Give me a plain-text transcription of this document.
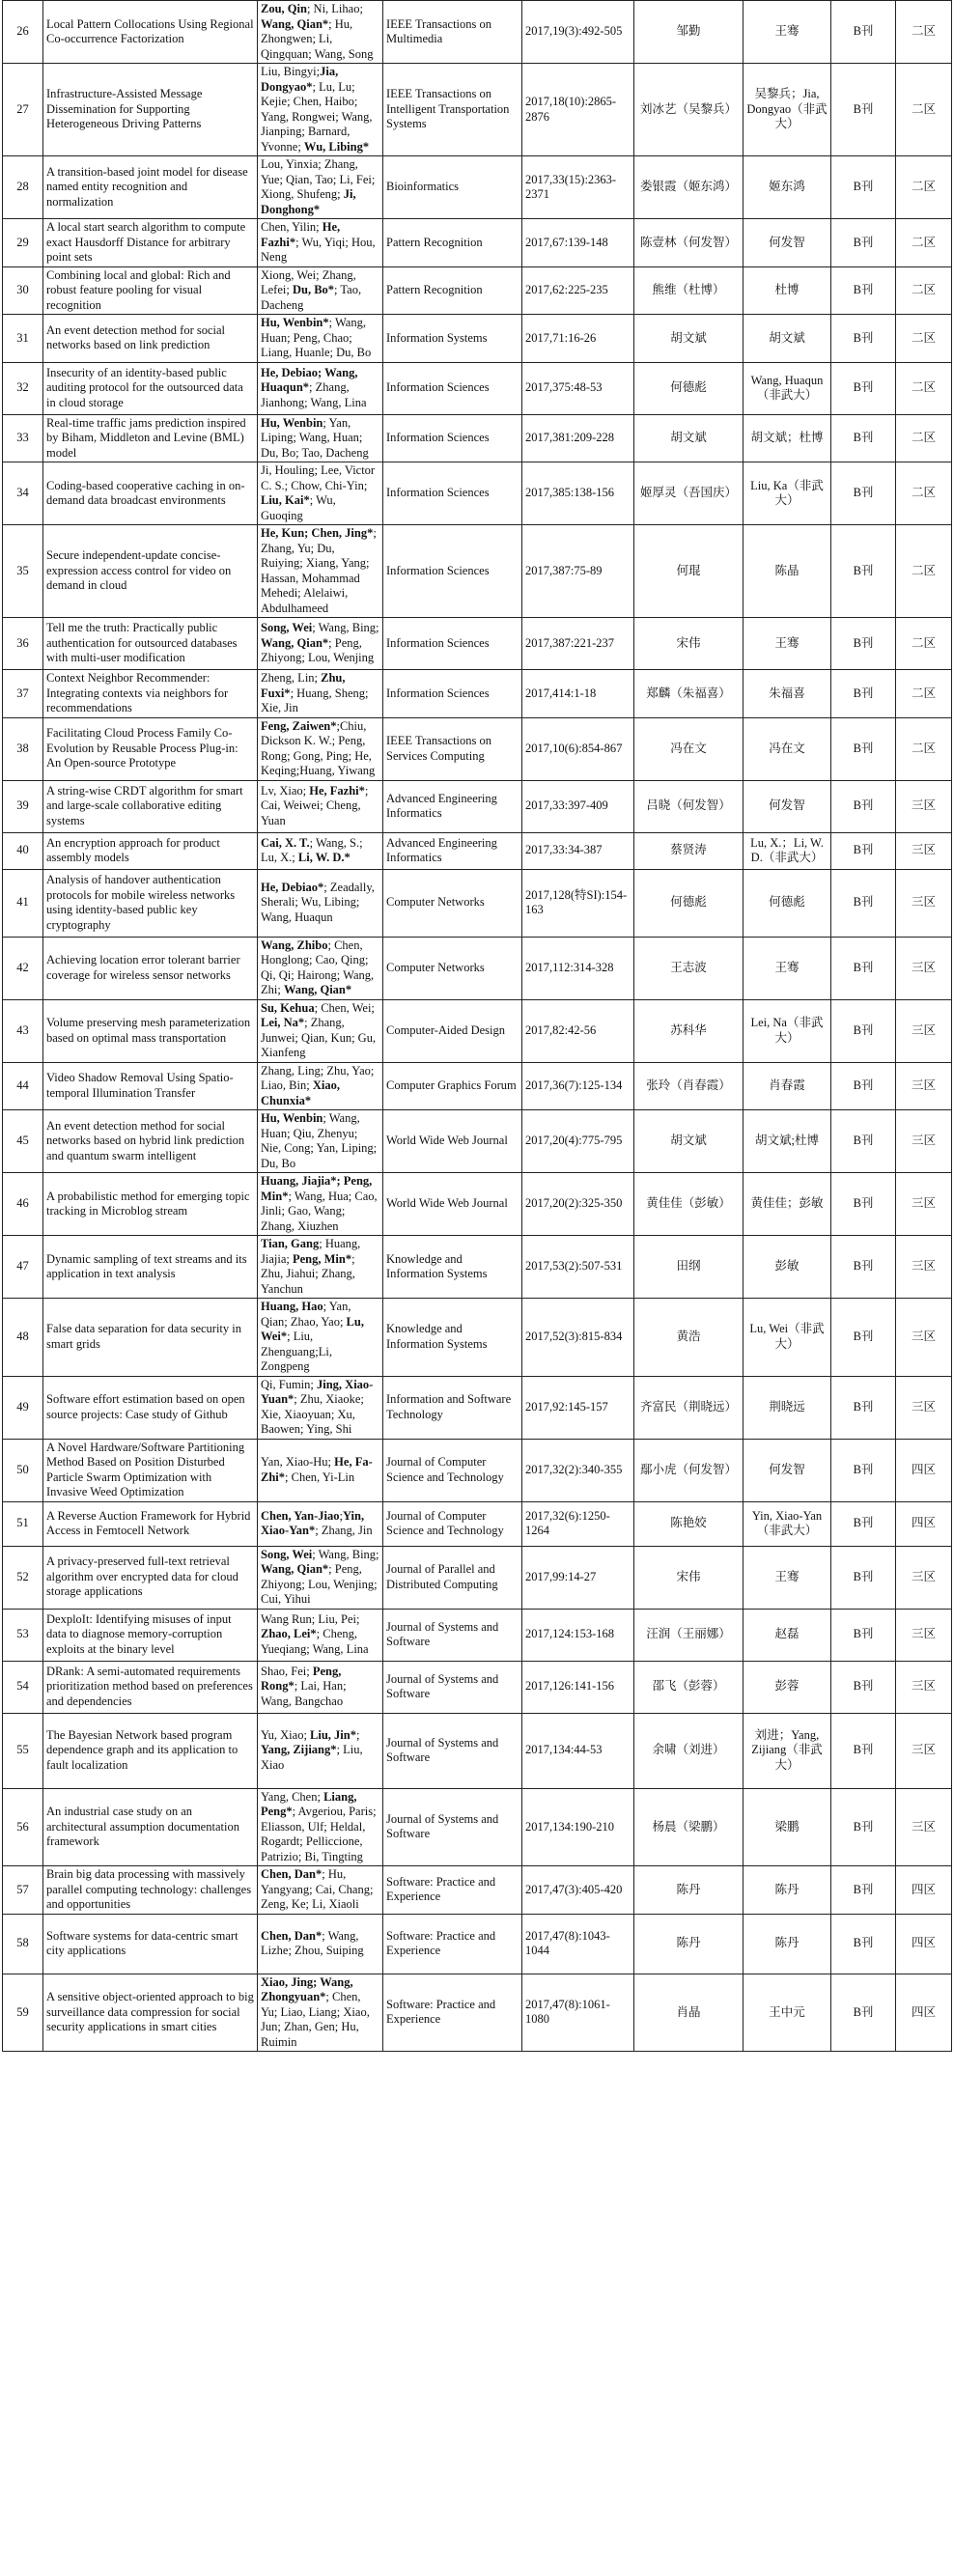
26	Local Pattern Collocations Using Regional Co-occurrence Factorization	Zou, Qin; Ni, Lihao; Wang, Qian*; Hu, Zhongwen; Li, Qingquan; Wang, Song	IEEE Transactions on Multimedia	2017,19(3):492-505	邹勤	王骞	B刊	二区
27	Infrastructure-Assisted Message Dissemination for Supporting Heterogeneous Driving Patterns	Liu, Bingyi;Jia, Dongyao*; Lu, Lu; Kejie; Chen, Haibo; Yang, Rongwei; Wang, Jianping; Barnard, Yvonne; Wu, Libing*	IEEE Transactions on Intelligent Transportation Systems	2017,18(10):2865-2876	刘冰艺（吴黎兵）	吴黎兵；Jia, Dongyao（非武大）	B刊	二区
28	A transition-based joint model for disease named entity recognition and normalization	Lou, Yinxia; Zhang, Yue; Qian, Tao; Li, Fei; Xiong, Shufeng; Ji, Donghong*	Bioinformatics	2017,33(15):2363-2371	娄银霞（姬东鸿）	姬东鸿	B刊	二区
29	A local start search algorithm to compute exact Hausdorff Distance for arbitrary point sets	Chen, Yilin; He, Fazhi*; Wu, Yiqi; Hou, Neng	Pattern Recognition	2017,67:139-148	陈壹林（何发智）	何发智	B刊	二区
30	Combining local and global: Rich and robust feature pooling for visual recognition	Xiong, Wei; Zhang, Lefei; Du, Bo*; Tao, Dacheng	Pattern Recognition	2017,62:225-235	熊维（杜博）	杜博	B刊	二区
31	An event detection method for social networks based on link prediction	Hu, Wenbin*; Wang, Huan; Peng, Chao; Liang, Huanle; Du, Bo	Information Systems	2017,71:16-26	胡文斌	胡文斌	B刊	二区
32	Insecurity of an identity-based public auditing protocol for the outsourced data in cloud storage	He, Debiao; Wang, Huaqun*; Zhang, Jianhong; Wang, Lina	Information Sciences	2017,375:48-53	何德彪	Wang, Huaqun（非武大）	B刊	二区
33	Real-time traffic jams prediction inspired by Biham, Middleton and Levine (BML) model	Hu, Wenbin; Yan, Liping; Wang, Huan; Du, Bo; Tao, Dacheng	Information Sciences	2017,381:209-228	胡文斌	胡文斌；杜博	B刊	二区
34	Coding-based cooperative caching in on-demand data broadcast environments	Ji, Houling; Lee, Victor C. S.; Chow, Chi-Yin; Liu, Kai*; Wu, Guoqing	Information Sciences	2017,385:138-156	姬厚灵（吾国庆）	Liu, Ka（非武大）	B刊	二区
35	Secure independent-update concise-expression access control for video on demand in cloud	He, Kun; Chen, Jing*; Zhang, Yu; Du, Ruiying; Xiang, Yang; Hassan, Mohammad Mehedi; Alelaiwi, Abdulhameed	Information Sciences	2017,387:75-89	何琨	陈晶	B刊	二区
36	Tell me the truth: Practically public authentication for outsourced databases with multi-user modification	Song, Wei; Wang, Bing; Wang, Qian*; Peng, Zhiyong; Lou, Wenjing	Information Sciences	2017,387:221-237	宋伟	王骞	B刊	二区
37	Context Neighbor Recommender: Integrating contexts via neighbors for recommendations	Zheng, Lin; Zhu, Fuxi*; Huang, Sheng; Xie, Jin	Information Sciences	2017,414:1-18	郑麟（朱福喜）	朱福喜	B刊	二区
38	Facilitating Cloud Process Family Co-Evolution by Reusable Process Plug-in: An Open-source Prototype	Feng, Zaiwen*;Chiu, Dickson K. W.; Peng, Rong; Gong, Ping; He, Keqing;Huang, Yiwang	IEEE Transactions on Services Computing	2017,10(6):854-867	冯在文	冯在文	B刊	二区
39	A string-wise CRDT algorithm for smart and large-scale collaborative editing systems	Lv, Xiao; He, Fazhi*; Cai, Weiwei; Cheng, Yuan	Advanced Engineering Informatics	2017,33:397-409	吕晓（何发智）	何发智	B刊	三区
40	An encryption approach for product assembly models	Cai, X. T.; Wang, S.; Lu, X.; Li, W. D.*	Advanced Engineering Informatics	2017,33:34-387	蔡贤涛	Lu, X.；Li, W. D.（非武大）	B刊	三区
41	Analysis of handover authentication protocols for mobile wireless networks using identity-based public key cryptography	He, Debiao*; Zeadally, Sherali; Wu, Libing; Wang, Huaqun	Computer Networks	2017,128(特SI):154-163	何德彪	何德彪	B刊	三区
42	Achieving location error tolerant barrier coverage for wireless sensor networks	Wang, Zhibo; Chen, Honglong; Cao, Qing; Qi, Qi; Hairong; Wang, Zhi; Wang, Qian*	Computer Networks	2017,112:314-328	王志波	王骞	B刊	三区
43	Volume preserving mesh parameterization based on optimal mass transportation	Su, Kehua; Chen, Wei; Lei, Na*; Zhang, Junwei; Qian, Kun; Gu, Xianfeng	Computer-Aided Design	2017,82:42-56	苏科华	Lei, Na（非武大）	B刊	三区
44	Video Shadow Removal Using Spatio-temporal Illumination Transfer	Zhang, Ling; Zhu, Yao; Liao, Bin; Xiao, Chunxia*	Computer Graphics Forum	2017,36(7):125-134	张玲（肖春霞）	肖春霞	B刊	三区
45	An event detection method for social networks based on hybrid link prediction and quantum swarm intelligent	Hu, Wenbin; Wang, Huan; Qiu, Zhenyu; Nie, Cong; Yan, Liping; Du, Bo	World Wide Web Journal	2017,20(4):775-795	胡文斌	胡文斌;杜博	B刊	三区
46	A probabilistic method for emerging topic tracking in Microblog stream	Huang, Jiajia*; Peng, Min*; Wang, Hua; Cao, Jinli; Gao, Wang; Zhang, Xiuzhen	World Wide Web Journal	2017,20(2):325-350	黄佳佳（彭敏）	黄佳佳；彭敏	B刊	三区
47	Dynamic sampling of text streams and its application in text analysis	Tian, Gang; Huang, Jiajia; Peng, Min*; Zhu, Jiahui; Zhang, Yanchun	Knowledge and Information Systems	2017,53(2):507-531	田纲	彭敏	B刊	三区
48	False data separation for data security in smart grids	Huang, Hao; Yan, Qian; Zhao, Yao; Lu, Wei*; Liu, Zhenguang;Li, Zongpeng	Knowledge and Information Systems	2017,52(3):815-834	黄浩	Lu, Wei（非武大）	B刊	三区
49	Software effort estimation based on open source projects: Case study of Github	Qi, Fumin; Jing, Xiao-Yuan*; Zhu, Xiaoke; Xie, Xiaoyuan; Xu, Baowen; Ying, Shi	Information and Software Technology	2017,92:145-157	齐富民（荆晓远）	荆晓远	B刊	三区
50	A Novel Hardware/Software Partitioning Method Based on Position Disturbed Particle Swarm Optimization with Invasive Weed Optimization	Yan, Xiao-Hu; He, Fa-Zhi*; Chen, Yi-Lin	Journal of Computer Science and Technology	2017,32(2):340-355	鄢小虎（何发智）	何发智	B刊	四区
51	A Reverse Auction Framework for Hybrid Access in Femtocell Network	Chen, Yan-Jiao;Yin, Xiao-Yan*; Zhang, Jin	Journal of Computer Science and Technology	2017,32(6):1250-1264	陈艳姣	Yin, Xiao-Yan（非武大）	B刊	四区
52	A privacy-preserved full-text retrieval algorithm over encrypted data for cloud storage applications	Song, Wei; Wang, Bing; Wang, Qian*; Peng, Zhiyong; Lou, Wenjing; Cui, Yihui	Journal of Parallel and Distributed Computing	2017,99:14-27	宋伟	王骞	B刊	三区
53	DexploIt: Identifying misuses of input data to diagnose memory-corruption exploits at the binary level	Wang Run; Liu, Pei; Zhao, Lei*; Cheng, Yueqiang; Wang, Lina	Journal of Systems and Software	2017,124:153-168	汪润（王丽娜）	赵磊	B刊	三区
54	DRank: A semi-automated requirements prioritization method based on preferences and dependencies	Shao, Fei; Peng, Rong*; Lai, Han; Wang, Bangchao	Journal of Systems and Software	2017,126:141-156	邵飞（彭蓉）	彭蓉	B刊	三区
55	The Bayesian Network based program dependence graph and its application to fault localization	Yu, Xiao; Liu, Jin*; Yang, Zijiang*; Liu, Xiao	Journal of Systems and Software	2017,134:44-53	余啸（刘进）	刘进；Yang, Zijiang（非武大）	B刊	三区
56	An industrial case study on an architectural assumption documentation framework	Yang, Chen; Liang, Peng*; Avgeriou, Paris; Eliasson, Ulf; Heldal, Rogardt; Pelliccione, Patrizio; Bi, Tingting	Journal of Systems and Software	2017,134:190-210	杨晨（梁鹏）	梁鹏	B刊	三区
57	Brain big data processing with massively parallel computing technology: challenges and opportunities	Chen, Dan*; Hu, Yangyang; Cai, Chang; Zeng, Ke; Li, Xiaoli	Software: Practice and Experience	2017,47(3):405-420	陈丹	陈丹	B刊	四区
58	Software systems for data-centric smart city applications	Chen, Dan*; Wang, Lizhe; Zhou, Suiping	Software: Practice and Experience	2017,47(8):1043-1044	陈丹	陈丹	B刊	四区
59	A sensitive object-oriented approach to big surveillance data compression for social security applications in smart cities	Xiao, Jing; Wang, Zhongyuan*; Chen, Yu; Liao, Liang; Xiao, Jun; Zhan, Gen; Hu, Ruimin	Software: Practice and Experience	2017,47(8):1061-1080	肖晶	王中元	B刊	四区
